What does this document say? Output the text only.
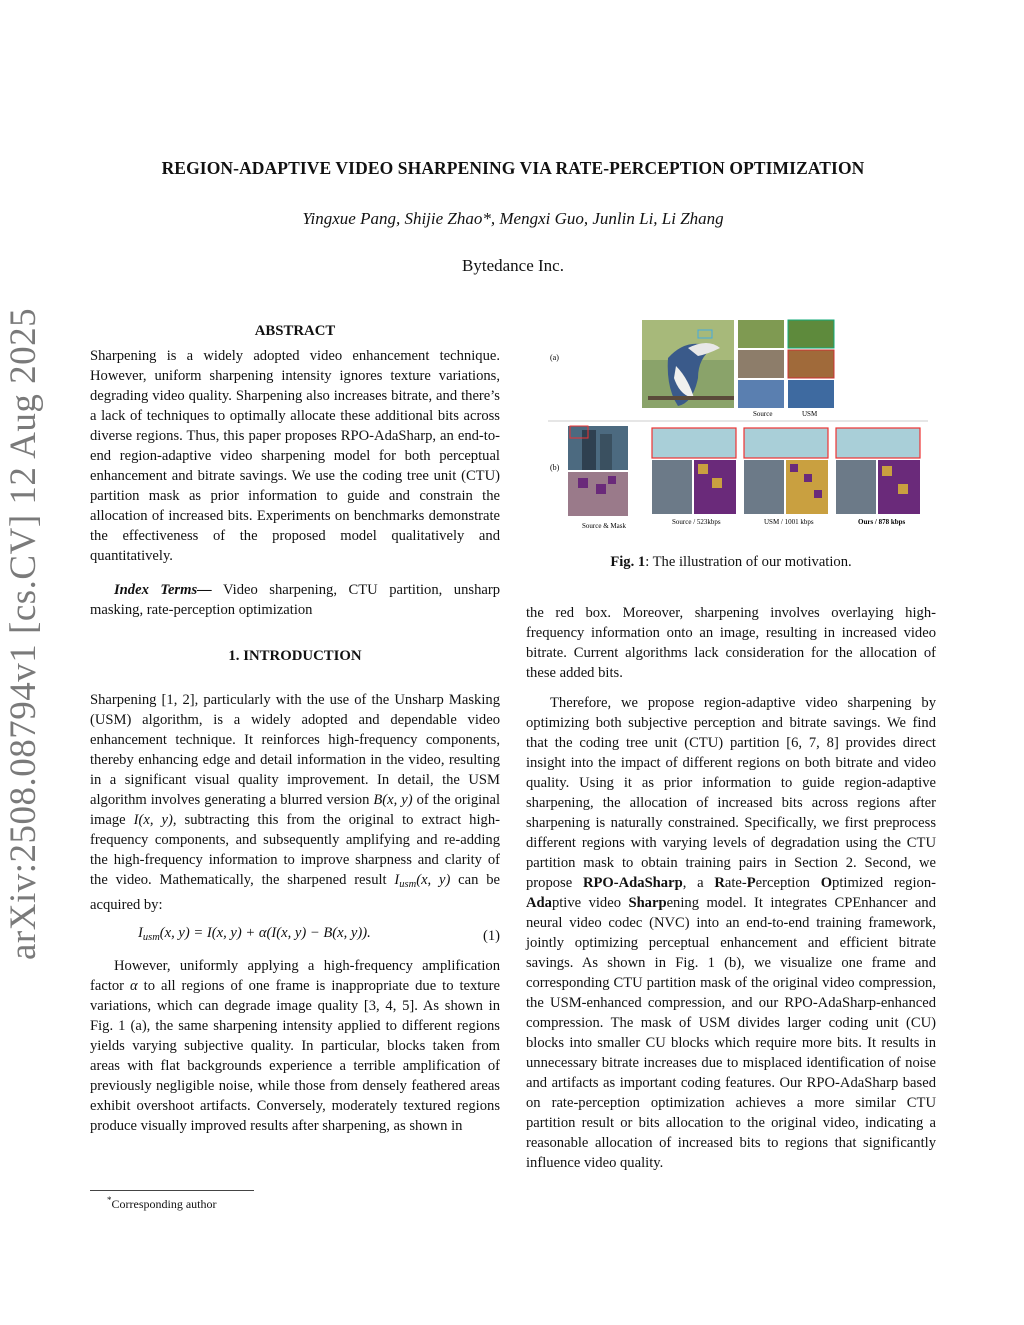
arXiv:2508.08794v1 [cs.CV] 12 Aug 2025
REGION-ADAPTIVE VIDEO SHARPENING VIA RATE-PERCEPTION OPTIMIZATION
Yingxue Pang, Shijie Zhao*, Mengxi Guo, Junlin Li, Li Zhang
Bytedance Inc.
ABSTRACT

Sharpening is a widely adopted video enhancement technique. However, uniform sharpening intensity ignores texture variations, degrading video quality. Sharpening also increases bitrate, and there’s a lack of techniques to optimally allocate these additional bits across diverse regions. Thus, this paper proposes RPO-AdaSharp, an end-to-end region-adaptive video sharpening model for both perceptual enhancement and bitrate savings. We use the coding tree unit (CTU) partition mask as prior information to guide and constrain the allocation of increased bits. Experiments on benchmarks demonstrate the effectiveness of the proposed model qualitatively and quantitatively.

Index Terms— Video sharpening, CTU partition, unsharp masking, rate-perception optimization

1. INTRODUCTION

Sharpening [1, 2], particularly with the use of the Unsharp Masking (USM) algorithm, is a widely adopted and dependable video enhancement technique. It reinforces high-frequency components, thereby enhancing edge and detail information in the video, resulting in a significant visual quality improvement. In detail, the USM algorithm involves generating a blurred version B(x, y) of the original image I(x, y), subtracting this from the original to extract high-frequency components, and subsequently amplifying and re-adding the high-frequency information to improve sharpness and clarity of the video. Mathematically, the sharpened result $I_{usm}(x$, y) can be acquired by:

$I_{usm}(x$, y) = I(x, y) + α(I(x, y) − B(x, y)).	(1)

However, uniformly applying a high-frequency amplification factor α to all regions of one frame is inappropriate due to texture variations, which can degrade image quality [3, 4, 5]. As shown in Fig. 1 (a), the same sharpening intensity applied to different regions yields varying subjective quality. In particular, blocks taken from areas with flat backgrounds experience a terrible amplification of previously negligible noise, while those from densely feathered areas exhibit overshoot artifacts. Conversely, moderately textured regions produce visually improved results after sharpening, as shown in

*Corresponding author
(a)
Source	USM
(b)
Source & Mask	Source / 523kbps	USM / 1001 kbps	Ours / 878 kbps
Fig. 1: The illustration of our motivation.

the red box. Moreover, sharpening involves overlaying high-frequency information onto an image, resulting in increased video bitrate. Current algorithms lack consideration for the allocation of these added bits.

Therefore, we propose region-adaptive video sharpening by optimizing both subjective perception and bitrate savings. We find that the coding tree unit (CTU) partition [6, 7, 8] provides direct insight into the impact of different regions on both bitrate and video quality. Using it as prior information to guide region-adaptive sharpening, the allocation of increased bits across regions after sharpening is naturally constrained. Specifically, we first preprocess different regions with varying levels of degradation using the CTU partition mask to obtain training pairs in Section 2. Second, we propose RPO-AdaSharp, a Rate-Perception Optimized region-Adaptive video Sharpening model. It integrates CPEnhancer and neural video codec (NVC) into an end-to-end training framework, jointly optimizing perceptual enhancement and efficient bitrate savings. As shown in Fig. 1 (b), we visualize one frame and corresponding CTU partition mask of the original video compression, the USM-enhanced compression, and our RPO-AdaSharp-enhanced compression. The mask of USM divides larger coding unit (CU) blocks into smaller CU blocks which require more bits. It results in unnecessary bitrate increases due to misplaced identification of noise and artifacts as important coding features. Our RPO-AdaSharp based on rate-perception optimization achieves a more similar CTU partition result or bits allocation to the original video, indicating a reasonable allocation of increased bits to regions that significantly influence video quality.
